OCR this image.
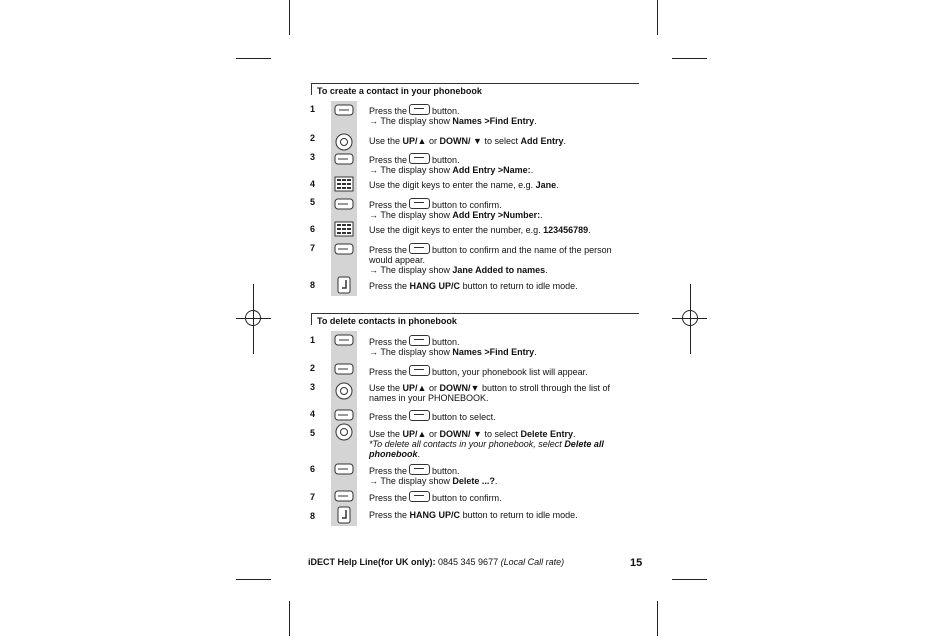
To create a contact in your phonebook
1	Press the	button.
→ The display show Names >Find Entry.
2	Use the UP/▲ or DOWN/ ▼ to select Add Entry.
3	Press the	button.
→ The display show Add Entry >Name:.
4	Use the digit keys to enter the name, e.g. Jane.
5	Press the	button to confirm.
→ The display show Add Entry >Number:.
6	Use the digit keys to enter the number, e.g. 123456789.
7	Press the	button to confirm and the name of the person
would appear.
→ The display show Jane Added to names.
8	Press the HANG UP/C button to return to idle mode.
To delete contacts in phonebook
1	Press the	button.
→ The display show Names >Find Entry.
2	Press the	button, your phonebook list will appear.
3	Use the UP/▲ or DOWN/▼ button to stroll through the list of
names in your PHONEBOOK.
4	Press the	button to select.
5	Use the UP/▲ or DOWN/ ▼ to select Delete Entry.
*To delete all contacts in your phonebook, select Delete all
phonebook.
6	Press the	button.
→ The display show Delete ...?.
7	Press the	button to confirm.
8	Press the HANG UP/C button to return to idle mode.
iDECT Help Line(for UK only): 0845 345 9677 (Local Call rate)	15
